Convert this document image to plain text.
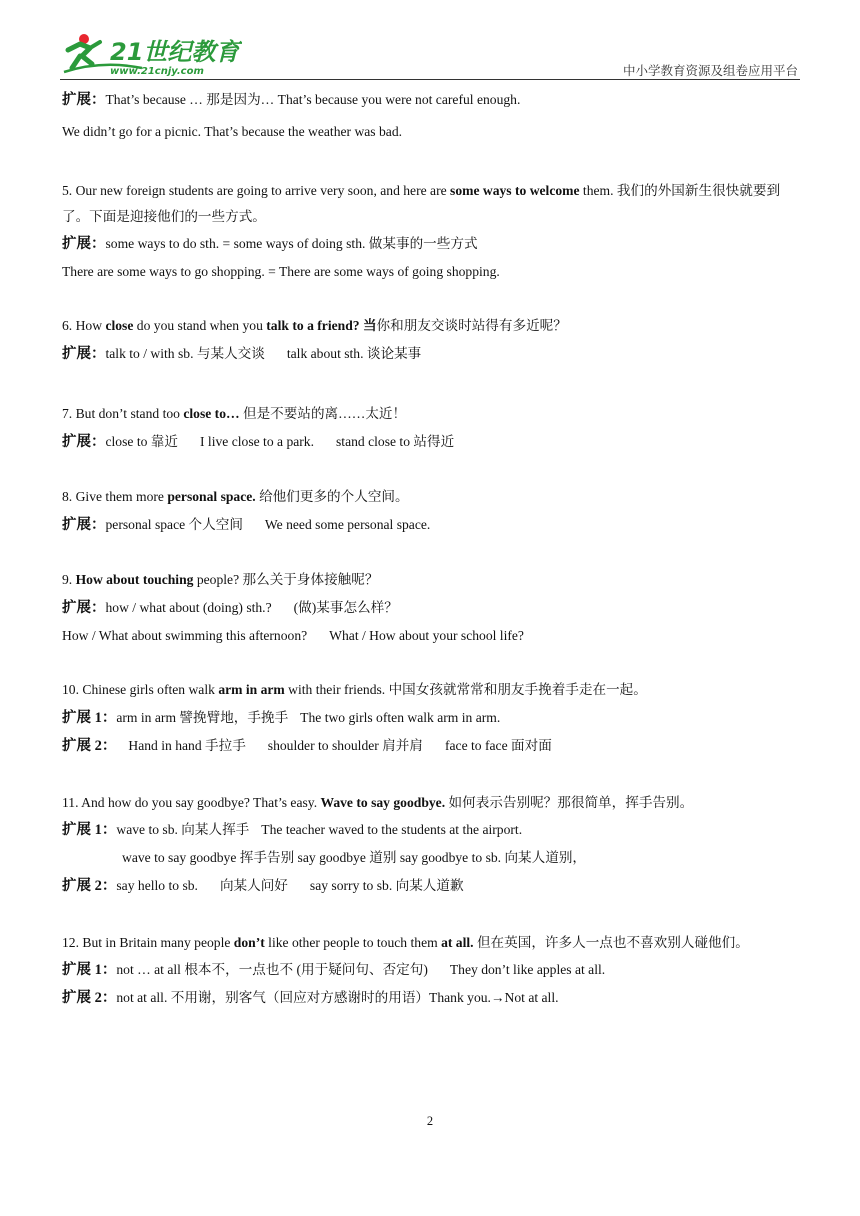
21世纪教育
www.21cnjy.com	中小学教育资源及组卷应用平台
扩展：That’s because … 那是因为… That’s because you were not careful enough.
We didn’t go for a picnic. That’s because the weather was bad.
5. Our new foreign students are going to arrive very soon, and here are some ways to welcome them. 我们的外国新生很快就要到了。下面是迎接他们的一些方式。
扩展：some ways to do sth. = some ways of doing sth. 做某事的一些方式
There are some ways to go shopping. = There are some ways of going shopping.
6. How close do you stand when you talk to a friend? 当你和朋友交谈时站得有多近呢？
扩展：talk to / with sb. 与某人交谈 talk about sth. 谈论某事
7. But don’t stand too close to… 但是不要站的离……太近！
扩展：close to 靠近 I live close to a park. stand close to 站得近
8. Give them more personal space. 给他们更多的个人空间。
扩展：personal space 个人空间 We need some personal space.
9. How about touching people? 那么关于身体接触呢？
扩展：how / what about (doing) sth.? (做)某事怎么样？
How / What about swimming this afternoon? What / How about your school life?
10. Chinese girls often walk arm in arm with their friends. 中国女孩就常常和朋友手挽着手走在一起。
扩展 1：arm in arm 譬挽臂地，手挽手 The two girls often walk arm in arm.
扩展 2： Hand in hand 手拉手 shoulder to shoulder 肩并肩 face to face 面对面
11. And how do you say goodbye? That’s easy. Wave to say goodbye. 如何表示告别呢？那很简单，挥手告别。
扩展 1：wave to sb. 向某人挥手 The teacher waved to the students at the airport.
wave to say goodbye 挥手告别 say goodbye 道别 say goodbye to sb. 向某人道别，
扩展 2：say hello to sb. 向某人问好 say sorry to sb. 向某人道歉
12. But in Britain many people don’t like other people to touch them at all. 但在英国，许多人一点也不喜欢别人碰他们。
扩展 1：not … at all 根本不，一点也不 (用于疑问句、否定句) They don’t like apples at all.
扩展 2：not at all. 不用谢，别客气（回应对方感谢时的用语）Thank you.→Not at all.
2
